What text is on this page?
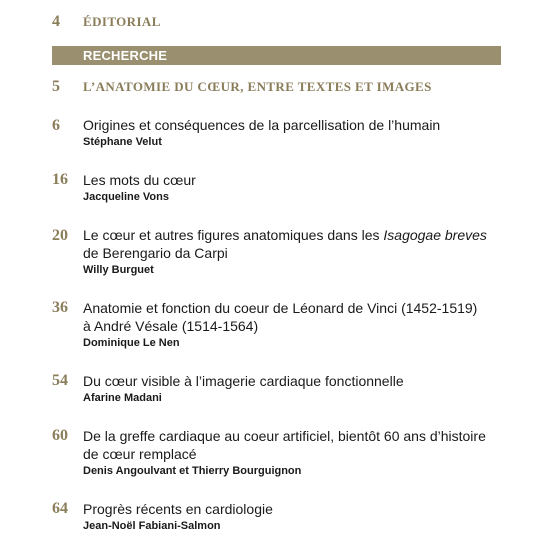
4	ÉDITORIAL
RECHERCHE
5	L’ANATOMIE DU CŒUR, ENTRE TEXTES ET IMAGES
6	Origines et conséquences de la parcellisation de l’humain
Stéphane Velut
16	Les mots du cœur
Jacqueline Vons
20	Le cœur et autres figures anatomiques dans les Isagogae breves
de Berengario da Carpi
Willy Burguet
36	Anatomie et fonction du coeur de Léonard de Vinci (1452-1519)
à André Vésale (1514-1564)
Dominique Le Nen
54	Du cœur visible à l’imagerie cardiaque fonctionnelle
Afarine Madani
60	De la greffe cardiaque au coeur artificiel, bientôt 60 ans d’histoire
de cœur remplacé
Denis Angoulvant et Thierry Bourguignon
64	Progrès récents en cardiologie
Jean-Noël Fabiani-Salmon
